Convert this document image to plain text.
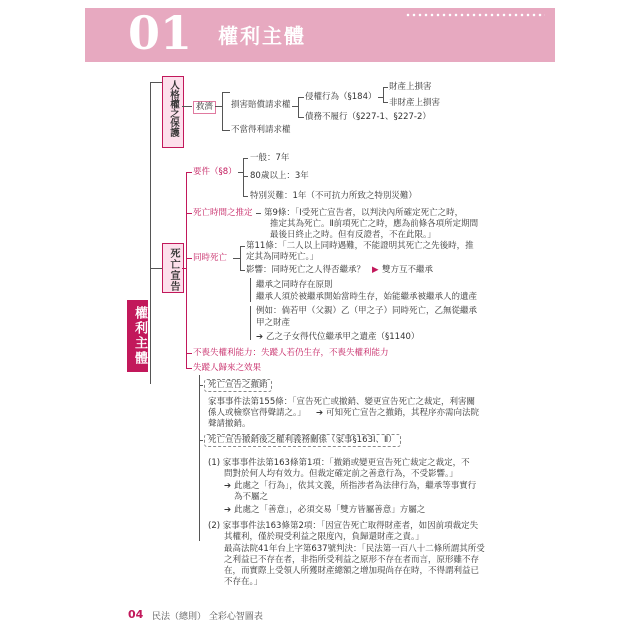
01 權利主體
權利主體
人格權之保護	救濟	損害賠償請求權
侵權行為（§184）
財產上損害
非財產上損害
債務不履行（§227-1、§227-2）
不當得利請求權
死亡宣告
要件（§8）
一般：7年
80歲以上：3年
特別災難：1年（不可抗力所致之特別災難）
死亡時間之推定 第9條：「Ⅰ受死亡宣告者，以判決內所確定死亡之時，
推定其為死亡。Ⅱ前項死亡之時，應為前條各項所定期間
最後日終止之時。但有反證者，不在此限。」
同時死亡
第11條：「二人以上同時遇難，不能證明其死亡之先後時，推
定其為同時死亡。」
影響：同時死亡之人得否繼承？ ▶ 雙方互不繼承
繼承之同時存在原則
繼承人須於被繼承開始當時生存，始能繼承被繼承人的遺產
例如：倘若甲（父親）乙（甲之子）同時死亡，乙無從繼承
甲之財產
➔ 乙之子女得代位繼承甲之遺產（§1140）
不喪失權利能力：失蹤人若仍生存，不喪失權利能力
失蹤人歸來之效果
死亡宣告之撤銷
家事事件法第155條：「宣告死亡或撤銷、變更宣告死亡之裁定，利害關
係人或檢察官得聲請之。」 ➔ 可知死亡宣告之撤銷，其程序亦需向法院
聲請撤銷。
死亡宣告撤銷後之權利義務關係（家事§163Ⅰ、Ⅱ）
(1) 家事事件法第163條第1項：「撤銷或變更宣告死亡裁定之裁定，不
問對於何人均有效力。但裁定確定前之善意行為，不受影響。」
➔ 此處之「行為」，依其文義，所指涉者為法律行為，繼承等事實行
為不屬之
➔ 此處之「善意」，必須交易「雙方皆屬善意」方屬之
(2) 家事事件法163條第2項：「因宣告死亡取得財產者，如因前項裁定失
其權利，僅於現受利益之限度內，負歸還財產之責。」
最高法院41年台上字第637號判決：「民法第一百八十二條所謂其所受
之利益已不存在者，非指所受利益之原形不存在者而言，原形雖不存
在，而實際上受領人所獲財產總額之增加現尚存在時，不得謂利益已
不存在。」
04 民法（總則） 全彩心智圖表
